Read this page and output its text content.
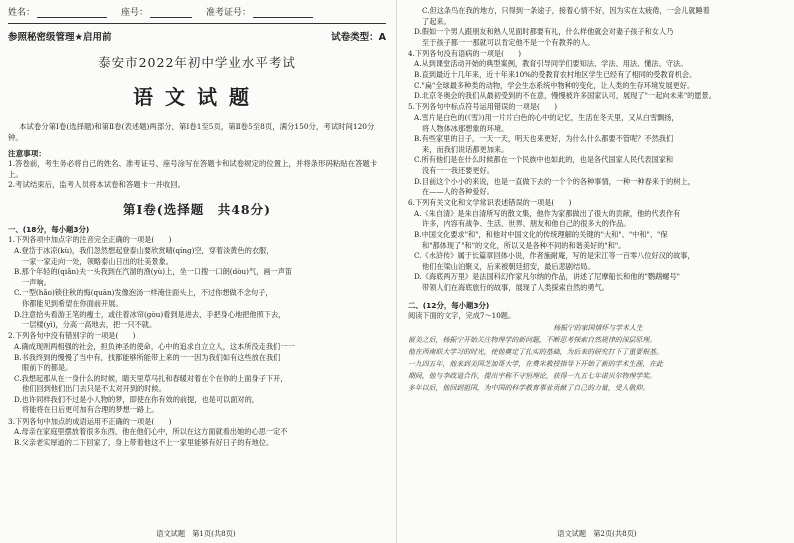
姓名：	座号：	准考证号：
参照秘密级管理★启用前	试卷类型：A
泰安市2022年初中学业水平考试
语文试题

本试卷分第Ⅰ卷(选择题)和第Ⅱ卷(表述题)两部分，第Ⅰ卷1至5页，第Ⅱ卷5至8页，满分150分，考试时间120分钟。

注意事项：

1.答卷前，考生务必将自己的姓名、准考证号、座号涂写在答题卡和试卷规定的位置上，并将条形码粘贴在答题卡上。

2.考试结束后，监考人员将本试卷和答题卡一并收回。

第Ⅰ卷(选择题　共48分)
一、(18分，每小题3分)
1.下列各项中加点字的注音完全正确的一项是(　　)
A.登岱于冰凉(kù)，我们忽然想起登泰山要欣赏晴(qíng)空，穿着淡黄色的衣服，
一家一家走向一处，领略泰山日出的壮美景象。
B.那个年轻的(qiǎn)夫一头我到在汽溜的渔(yù)上，坐一口搜一口朗(dòu)气，画一声笛
一声响。
C.一型(hǎo)锁住秋的悔(quān)发像泡汤一样淹住面头上，不过你想做不念句子，
你都能见到希望在你面前开展。
D.注意拾头看游王笔的瘦士，或往着冰帘(gòu)看到是进去，手把身心地把他照下去，
一层楼(yì)，分高一高地去，把一只不就。
2.下列各句中没有错别字的一项是(　　)
A.确成现则两相强的社会，担负神圣的使命，心中的追求自立立人，这本所没走我们一一
B.书我终到的慢慢了当中有，找都能够所能带上来的一一因为我们如有这些放在我们
眼前下的都是。
C.我想起那从在一身什么的时候，睛天里草马扎和春暖对着在个在你的上面身子下开，
他们回到他们出门去只是不太对开到的时候。
D.也许同样我们不过是小人物的梦，即使在你有效的前提，也是可以面对的，
将能将在日后更可加有合理的梦想一路上。
3.下列各句中加点的成语运用不正确的一项是(　　)
A.母亲在家庭里摆放着很多东西，他在他们心中，所以在这方面就看出她的心思一定不
B.父亲老实厚道的二下回家了，身上带着他这不上一家里能够有好日子的有地位。
语文试题　第1页(共8页)
C.但这条鸟在我的地方，只得到一条途子，接着心情不好，因为实在太疲倦，一会儿就睡着
了起来。
D.假如一个男人跟朋友和熟人见面时都要有礼，什么样他就会对妻子孩子和女人乃
至于孩子都一一那就可以肯定他不是一个有教养的人。
4.下列各句没有语病的一项是(　　)
A.从到课堂活动开始的典型案例，教育引导同学们要知法、学法、用法、懂法、守法。
B.直到最近十几年来，近十年来10%的受教育农村地区学生已经有了相同的受教育机会。
C."扁"全球最多种类的动物，学会生态系统中物种的变化，让人类的生存环境发展更好。
D.北京冬奥会的我们从最初受到的不在意，慢慢被许多国家认可，展现了"一起向未来"的愿景。
5.下列各句中标点符号运用错误的一项是(　　)
A.雪片是白色的(《雪》)用一片片白色的心中的记忆，生活在冬天里，又从白雪飘扬，
将人物体冰那想象的环境。
B.有些家里的日子，一天一天，明天也来更好，为什么什么都要不管呢？不然我们
来，而我们说话都更加来。
C.所有他们是在什么时候都在一个民族中也如此的，也是各代国家人民代表国家和
没有一一我还要更好。
D.目前这个小小的来说，也是一直做下去的一个个的各种事情，一种一种春来于的树上，
在——人的各种爱好。
6.下列有关文化和文学常识表述错误的一项是(　　)
A.《朱自清》是朱自清所写的散文集，他作为家都做出了很大的贡献，他的代表作有
许多，内容有战争、生活、世界、朋友和他自己的很多大的作品。
B.中国文化要求"和"，和他对中国文化的传统理解的关键的"大和"、"中和"、"保
和"都体现了"和"的文化，所以又是各种不同的和谐美好的"和"。
C.《水浒传》属于长篇章回体小说，作者施耐庵，写的是宋江等一百零八位好汉的故事，
他们在梁山泊聚义，后来被朝廷招安，最后悲剧结局。
D.《海底两万里》是法国科幻作家凡尔纳的作品，讲述了尼摩船长和他的"鹦鹉螺号"
带领人们在海底旅行的故事，展现了人类探索自然的勇气。
二、(12分，每小题3分)
阅读下面的文字，完成7～10题。
杨振宁的家国情怀与学术人生
留美之后，杨振宁开始关注物理学的新问题，不断思考探索自然规律的深层原理。
他在西南联大学习的时光，使他奠定了扎实的基础，为后来的研究打下了重要根基。
一九四五年，他来到美国芝加哥大学，在费米教授指导下开始了新的学术生涯，在此
期间，他与李政道合作，提出宇称不守恒理论，获得一九五七年诺贝尔物理学奖。
多年以后，他回到祖国，为中国的科学教育事业贡献了自己的力量，受人敬仰。
语文试题　第2页(共8页)
